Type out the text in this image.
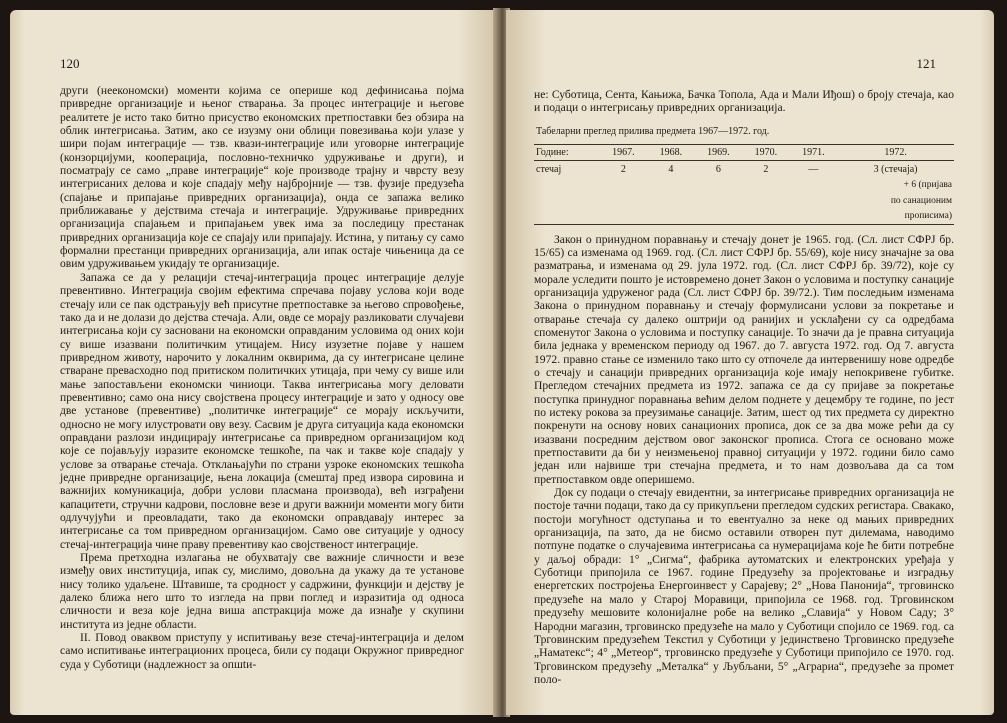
120

други (неекономски) моменти којима се оперише код дефинисања појма привредне организације и њеног стварања. За процес интеграције и његове реалитете је исто тако битно присуство економских претпоставки без обзира на облик интегрисања. Затим, ако се изузму они облици повезивања који улазе у шири појам интеграције — тзв. квази-интеграције или уговорне интеграције (конзорцијуми, кооперација, пословно-техничко удруживање и други), и посматрају се само „праве интеграције“ које производе трајну и чврсту везу интегрисаних делова и које спадају међу најбројније — тзв. фузије предузећа (спајање и припајање привредних организација), онда се запажа велико приближавање у дејствима стечаја и интеграције. Удруживање привредних организација спајањем и припајањем увек има за последицу престанак привредних организација које се спајају или припајају. Истина, у питању су само формални престанци привредних организација, али ипак остаје чињеница да се овим удруживањем укидају те организације.

Запажа се да у релацији стечај-интеграција процес интеграције делује превентивно. Интеграција својим ефектима спречава појаву услова који воде стечају или се пак одстрањују већ присутне претпоставке за његово спровођење, тако да и не долази до дејства стечаја. Али, овде се морају разликовати случајеви интегрисања који су засновани на економски оправданим условима од оних који су више изазвани политичким утицајем. Нису изузетне појаве у нашем привредном животу, нарочито у локалним оквирима, да су интегрисане целине стваране превасходно под притиском политичких утицаја, при чему су више или мање запостављени економски чиниоци. Таква интегрисања могу деловати превентивно; само она нису својствена процесу интеграције и зато у односу ове две установе (превентиве) „политичке интеграције“ се морају искључити, односно не могу илустровати ову везу. Сасвим је друга ситуација када економски оправдани разлози индицирају интегрисање са привредном организацијом код које се појављују изразите економске тешкоће, па чак и такве које спадају у услове за отварање стечаја. Отклањајући по страни узроке економских тешкоћа једне привредне организације, њена локација (смештај пред извора сировина и важнијих комуникација, добри услови пласмана производа), већ изграђени капацитети, стручни кадрови, пословне везе и други важнији моменти могу бити одлучујући и преовладати, тако да економски оправдавају интерес за интегрисање са том привредном организацијом. Само ове ситуације у односу стечај-интеграција чине праву превентиву као својственост интеграције.

Према претходна излагања не обухватају све важније сличности и везе између ових институција, ипак су, мислимо, довољна да укажу да те установе нису толико удаљене. Штавише, та сродност у садржини, функцији и дејству је далеко ближа него што то изгледа на први поглед и изразитија од односа сличности и веза које једна виша апстракција може да изнађе у скупини института из једне области.

II. Повод оваквом приступу у испитивању везе стечај-интеграција и делом само испитивање интеграционих процеса, били су подаци Окружног привредног суда у Суботици (надлежност за опшtи-

121

не: Суботица, Сента, Кањижа, Бачка Топола, Ада и Мали Иђош) о броју стечаја, као и подаци о интегрисању привредних организација.

Табеларни преглед прилива предмета 1967—1972. год.
Године:	1967.	1968.	1969.	1970.	1971.	1972.
стечај	2	4	6	2	—	3 (стечаја)
						+ 6 (пријава
						по санационим
						прописима)

Закон о принудном поравнању и стечају донет је 1965. год. (Сл. лист СФРЈ бр. 15/65) са изменама од 1969. год. (Сл. лист СФРЈ бр. 55/69), које нису значајне за ова разматрања, и изменама од 29. јула 1972. год. (Сл. лист СФРЈ бр. 39/72), које су морале уследити пошто је истовремено донет Закон о условима и поступку санације организација удруженог рада (Сл. лист СФРЈ бр. 39/72.). Тим последњим изменама Закона о принудном поравнању и стечају формулисани услови за покретање и отварање стечаја су далеко оштрији од ранијих и усклађени су са одредбама споменутог Закона о условима и поступку санације. То значи да је правна ситуација била једнака у временском периоду од 1967. до 7. августа 1972. год. Од 7. августа 1972. правно стање се изменило тако што су отпочеле да интервенишу нове одредбе о стечају и санацији привредних организација које имају непокривене губитке. Прегледом стечајних предмета из 1972. запажа се да су пријаве за покретање поступка принудног поравнања већим делом поднете у децембру те године, по јест по истеку рокова за преузимање санације. Затим, шест од тих предмета су директно покренути на основу нових санационих прописа, док се за два може рећи да су изазвани посредним дејством овог законског прописа. Стога се основано може претпоставити да би у неизмењеној правној ситуацији у 1972. години било само један или највише три стечајна предмета, и то нам дозвољава да са том претпоставком овде оперишемо.

Док су подаци о стечају евидентни, за интегрисање привредних организација не постоје тачни подаци, тако да су прикупљени прегледом судских регистара. Свакако, постоји могућност одступања и то евентуално за неке од мањих привредних организација, па зато, да не бисмо оставили отворен пут дилемама, наводимо потпуне податке о случајевима интегрисања са нумерацијама које ће бити потребне у даљој обради: 1° „Сигма“, фабрика аутоматских и електронских уређаја у Суботици припојила се 1967. године Предузећу за пројектовање и изградњу енергетских постројења Енергоинвест у Сарајеву; 2° „Нова Панонија“, трговинско предузеће на мало у Старој Моравици, припојила се 1968. год. Трговинском предузећу мешовите колонијалне робе на велико „Славија“ у Новом Саду; 3° Народни магазин, трговинско предузеће на мало у Суботици спојило се 1969. год. са Трговинским предузећем Текстил у Суботици у јединствено Трговинско предузеће „Наматекс“; 4° „Метеор“, трговинско предузеће у Суботици припојило се 1970. год. Трговинском предузећу „Металка“ у Љубљани, 5° „Аграриа“, предузеће за промет полo-
